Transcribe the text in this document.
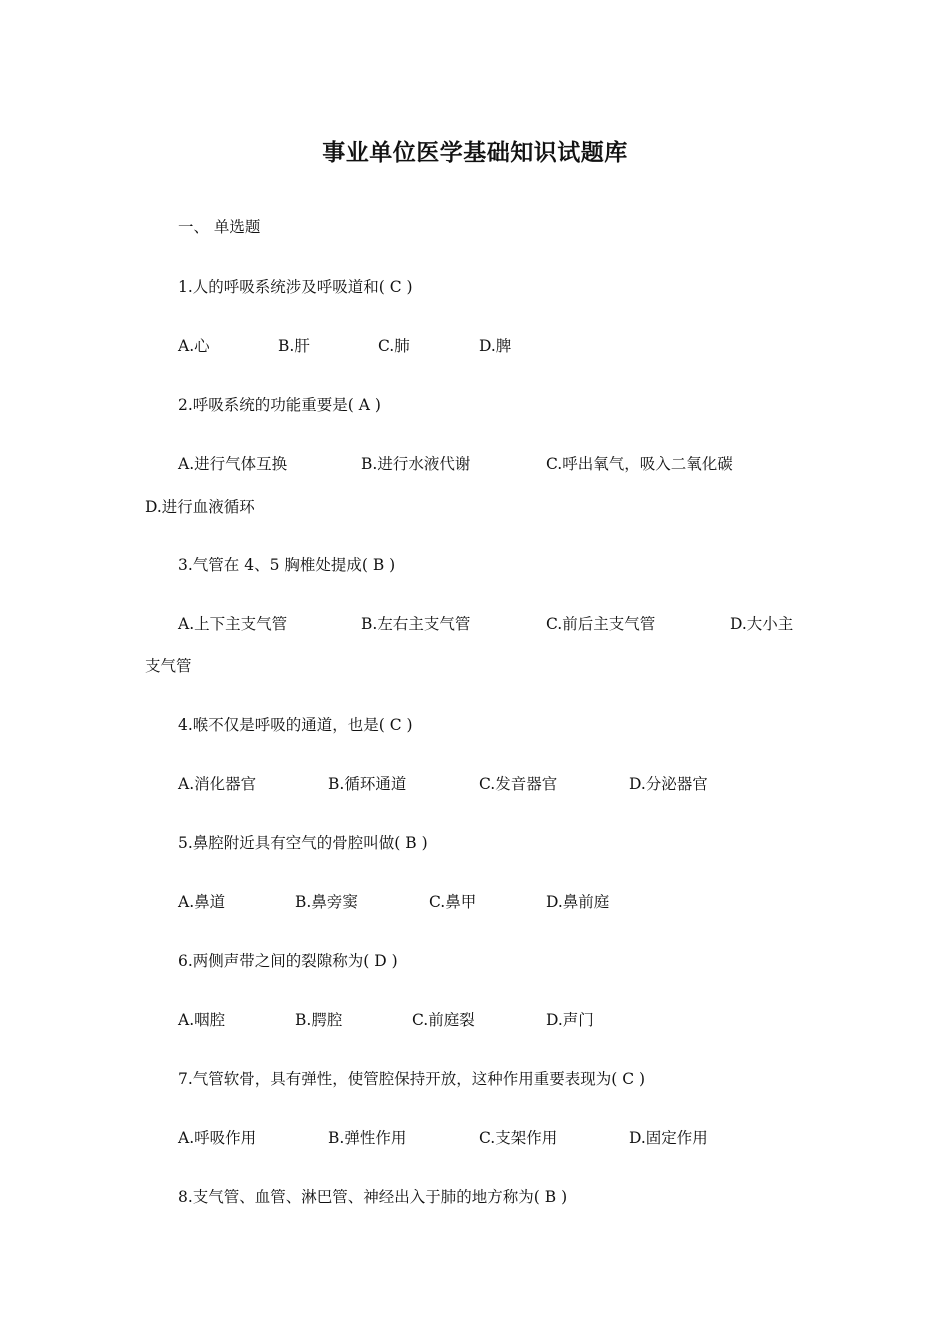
事业单位医学基础知识试题库
一、 单选题
1.人的呼吸系统涉及呼吸道和( C )
A.心	B.肝	C.肺	D.脾
2.呼吸系统的功能重要是( A )
A.进行气体互换	B.进行水液代谢	C.呼出氧气，吸入二氧化碳
D.进行血液循环
3.气管在 4、5 胸椎处提成( B )
A.上下主支气管	B.左右主支气管	C.前后主支气管	D.大小主
支气管
4.喉不仅是呼吸的通道，也是( C )
A.消化器官	B.循环通道	C.发音器官	D.分泌器官
5.鼻腔附近具有空气的骨腔叫做( B )
A.鼻道	B.鼻旁窦	C.鼻甲	D.鼻前庭
6.两侧声带之间的裂隙称为( D )
A.咽腔	B.腭腔	C.前庭裂	D.声门
7.气管软骨，具有弹性，使管腔保持开放，这种作用重要表现为( C )
A.呼吸作用	B.弹性作用	C.支架作用	D.固定作用
8.支气管、血管、淋巴管、神经出入于肺的地方称为( B )
